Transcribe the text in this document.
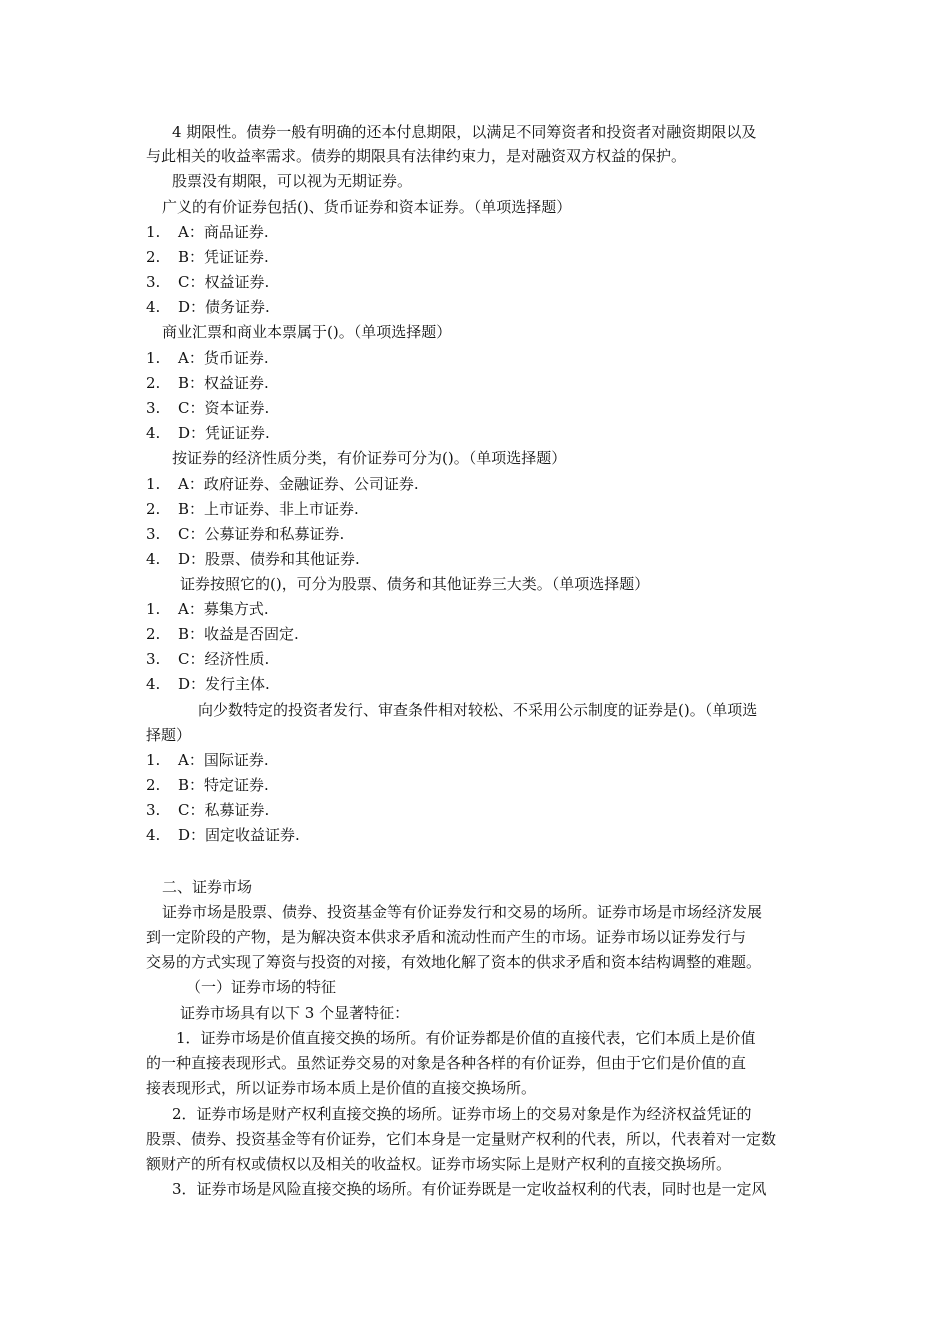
4 期限性。债券一般有明确的还本付息期限，以满足不同筹资者和投资者对融资期限以及
与此相关的收益率需求。债券的期限具有法律约束力，是对融资双方权益的保护。
股票没有期限，可以视为无期证券。
广义的有价证券包括()、货币证券和资本证券。（单项选择题）
1. A：商品证券.
2. B：凭证证券.
3. C：权益证券.
4. D：债务证券.
商业汇票和商业本票属于()。（单项选择题）
1. A：货币证券.
2. B：权益证券.
3. C：资本证券.
4. D：凭证证券.
按证券的经济性质分类，有价证券可分为()。（单项选择题）
1. A：政府证券、金融证券、公司证券.
2. B：上市证券、非上市证券.
3. C：公募证券和私募证券.
4. D：股票、债券和其他证券.
证券按照它的()，可分为股票、债务和其他证券三大类。（单项选择题）
1. A：募集方式.
2. B：收益是否固定.
3. C：经济性质.
4. D：发行主体.
向少数特定的投资者发行、审查条件相对较松、不采用公示制度的证券是()。（单项选
择题）
1. A：国际证券.
2. B：特定证券.
3. C：私募证券.
4. D：固定收益证券.
二、证券市场
证券市场是股票、债券、投资基金等有价证券发行和交易的场所。证券市场是市场经济发展
到一定阶段的产物，是为解决资本供求矛盾和流动性而产生的市场。证券市场以证券发行与
交易的方式实现了筹资与投资的对接，有效地化解了资本的供求矛盾和资本结构调整的难题。
（一）证券市场的特征
证券市场具有以下 3 个显著特征：
1．证券市场是价值直接交换的场所。有价证券都是价值的直接代表，它们本质上是价值
的一种直接表现形式。虽然证券交易的对象是各种各样的有价证券，但由于它们是价值的直
接表现形式，所以证券市场本质上是价值的直接交换场所。
2．证券市场是财产权利直接交换的场所。证券市场上的交易对象是作为经济权益凭证的
股票、债券、投资基金等有价证券，它们本身是一定量财产权利的代表，所以，代表着对一定数
额财产的所有权或债权以及相关的收益权。证券市场实际上是财产权利的直接交换场所。
3．证券市场是风险直接交换的场所。有价证券既是一定收益权利的代表，同时也是一定风
